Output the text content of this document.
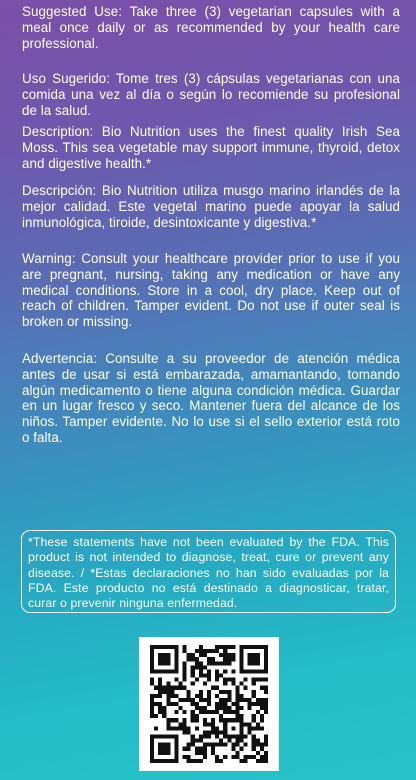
Suggested Use: Take three (3) vegetarian capsules with a meal once daily or as recommended by your health care professional.

Uso Sugerido: Tome tres (3) cápsulas vegetarianas con una comida una vez al día o según lo recomiende su profesional de la salud.

Description: Bio Nutrition uses the finest quality Irish Sea Moss. This sea vegetable may support immune, thyroid, detox and digestive health.*

Descripción: Bio Nutrition utiliza musgo marino irlandés de la mejor calidad. Este vegetal marino puede apoyar la salud inmunológica, tiroide, desintoxicante y digestiva.*

Warning: Consult your healthcare provider prior to use if you are pregnant, nursing, taking any medication or have any medical conditions. Store in a cool, dry place. Keep out of reach of children. Tamper evident. Do not use if outer seal is broken or missing.

Advertencia: Consulte a su proveedor de atención médica antes de usar si está embarazada, amamantando, tomando algún medicamento o tiene alguna condición médica. Guardar en un lugar fresco y seco. Mantener fuera del alcance de los niños. Tamper evidente. No lo use si el sello exterior está roto o falta.

*These statements have not been evaluated by the FDA. This product is not intended to diagnose, treat, cure or prevent any disease. / *Estas declaraciones no han sido evaluadas por la FDA. Este producto no está destinado a diagnosticar, tratar, curar o prevenir ninguna enfermedad.
